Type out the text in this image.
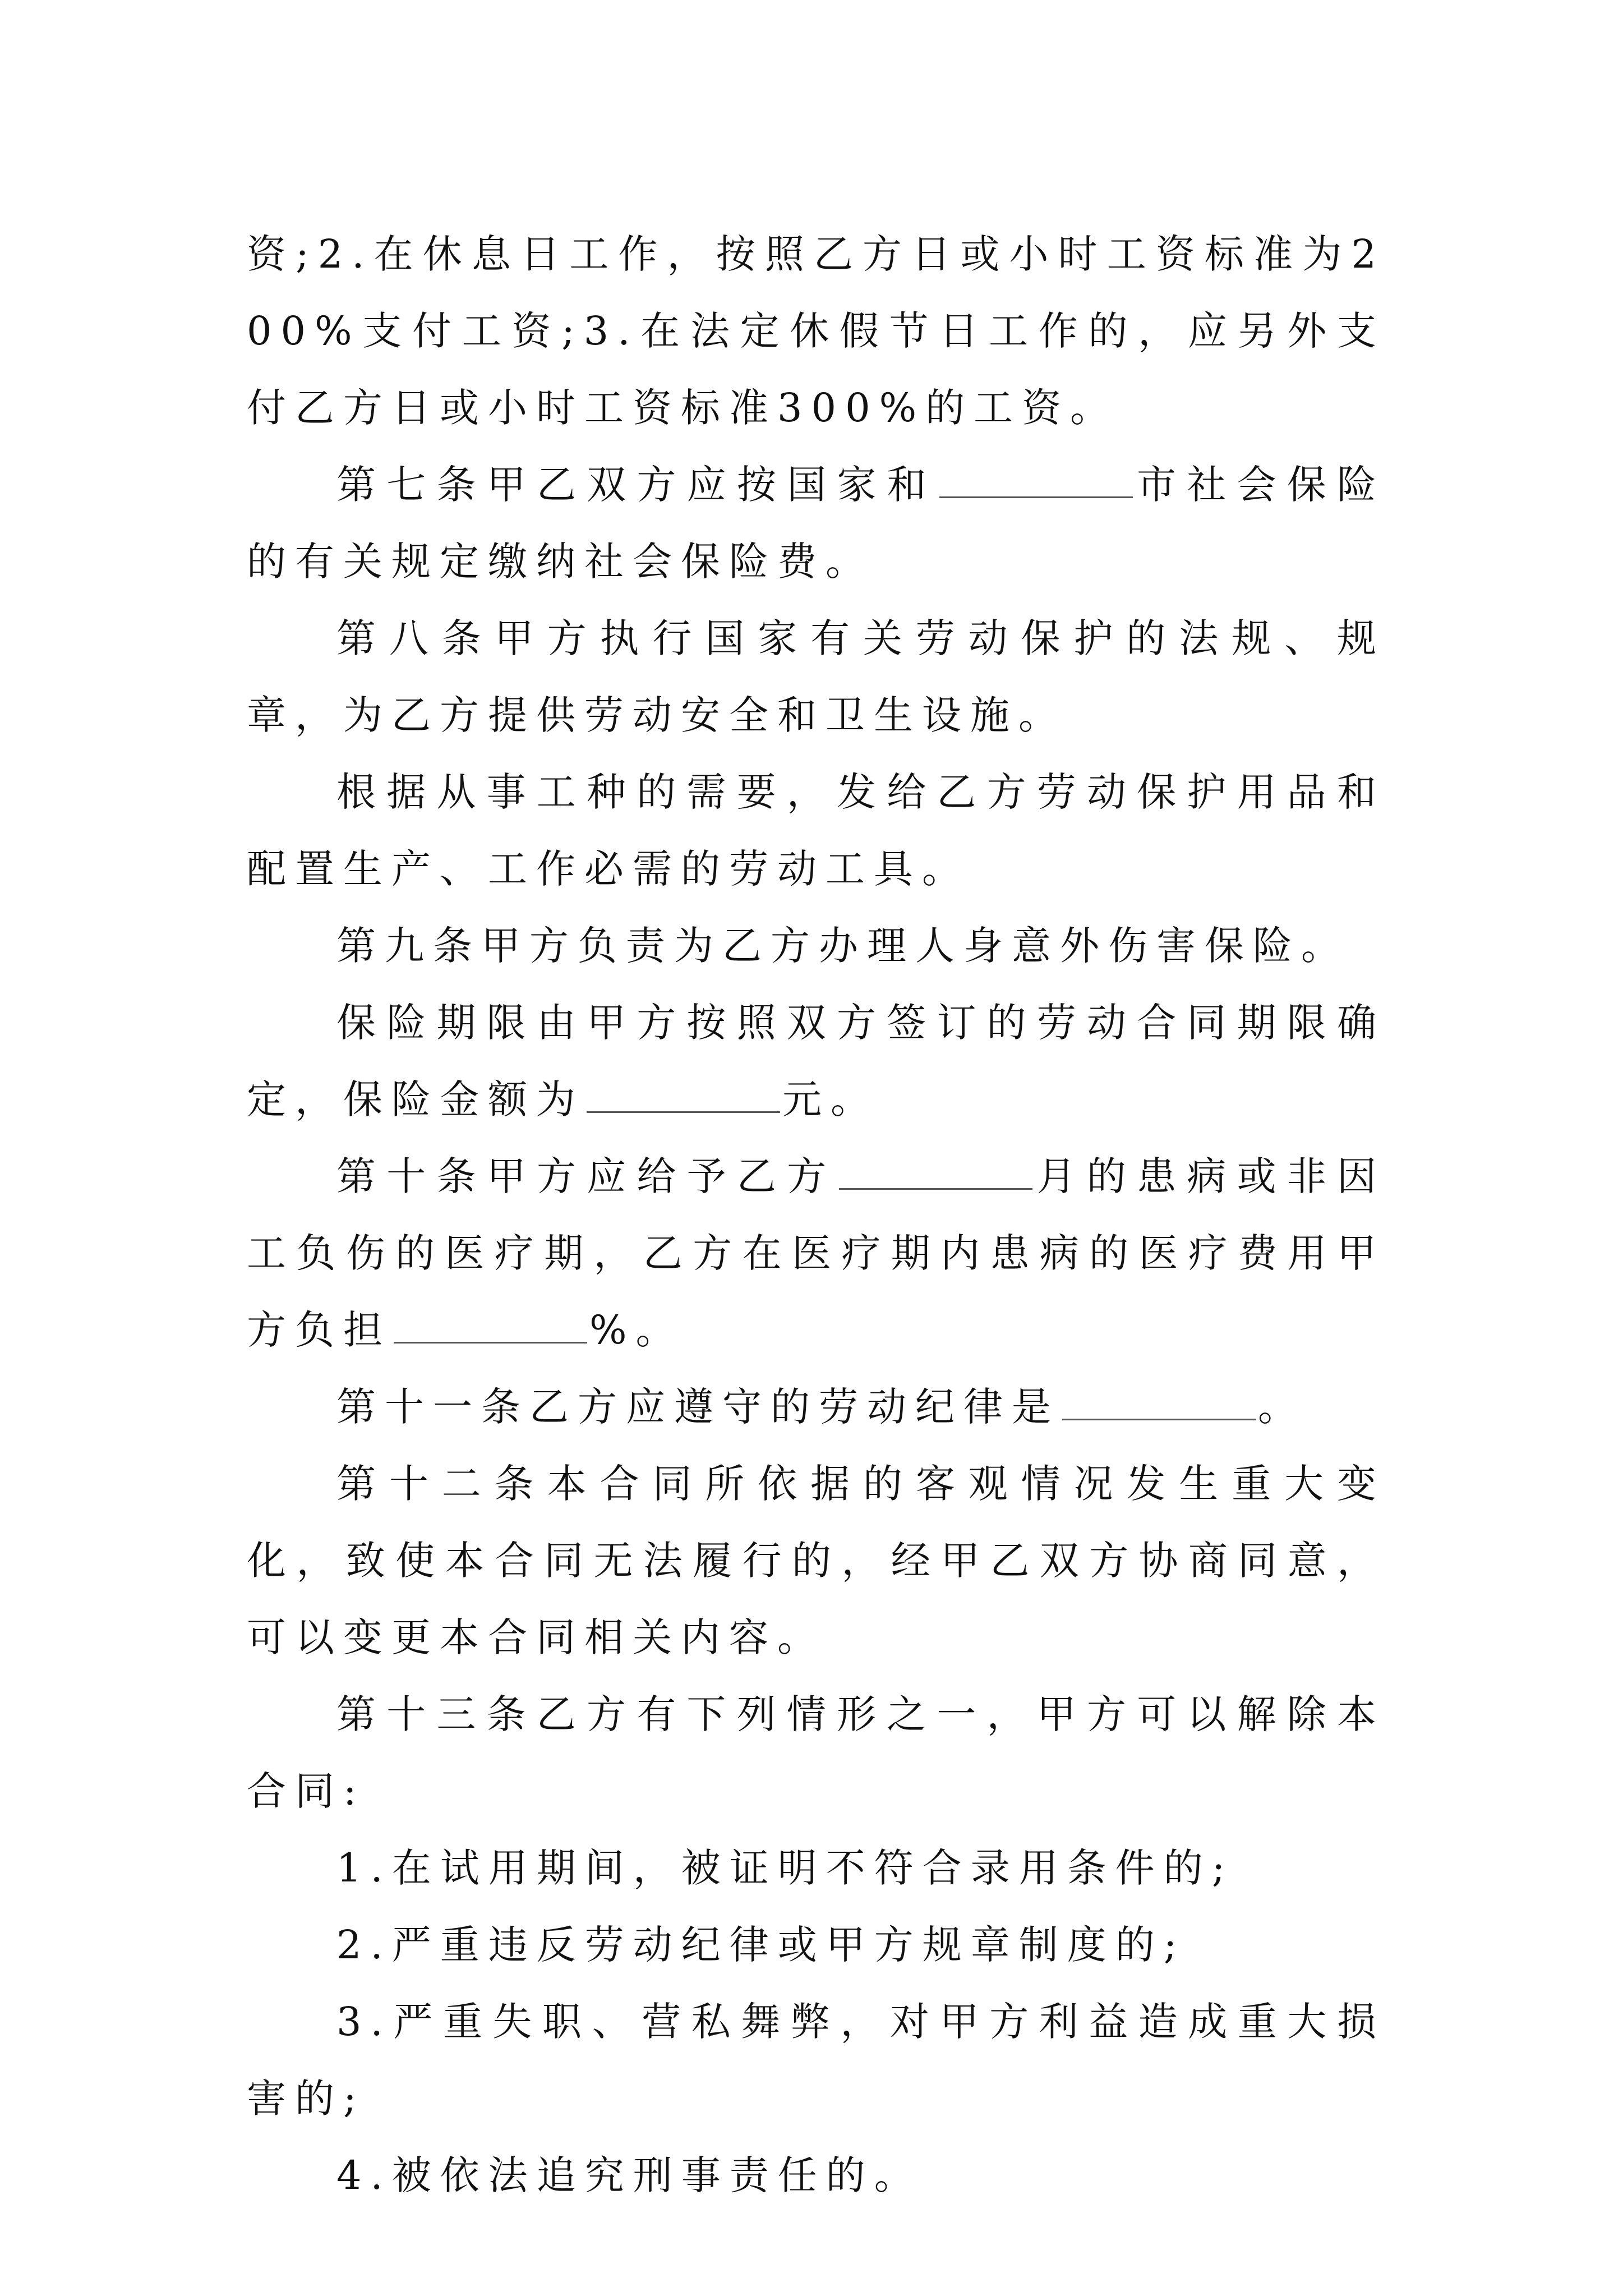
资;2.在休息日工作，按照乙方日或小时工资标准为200%支付工资;3.在法定休假节日工作的，应另外支付乙方日或小时工资标准300%的工资。

第七条甲乙双方应按国家和	市社会保险的有关规定缴纳社会保险费。

第八条甲方执行国家有关劳动保护的法规、规章，为乙方提供劳动安全和卫生设施。

根据从事工种的需要，发给乙方劳动保护用品和配置生产、工作必需的劳动工具。

第九条甲方负责为乙方办理人身意外伤害保险。

保险期限由甲方按照双方签订的劳动合同期限确定，保险金额为	元。

第十条甲方应给予乙方	月的患病或非因工负伤的医疗期，乙方在医疗期内患病的医疗费用甲方负担	%。

第十一条乙方应遵守的劳动纪律是	。

第十二条本合同所依据的客观情况发生重大变化，致使本合同无法履行的，经甲乙双方协商同意，可以变更本合同相关内容。

第十三条乙方有下列情形之一，甲方可以解除本合同:

1.在试用期间，被证明不符合录用条件的;

2.严重违反劳动纪律或甲方规章制度的;

3.严重失职、营私舞弊，对甲方利益造成重大损害的;

4.被依法追究刑事责任的。
